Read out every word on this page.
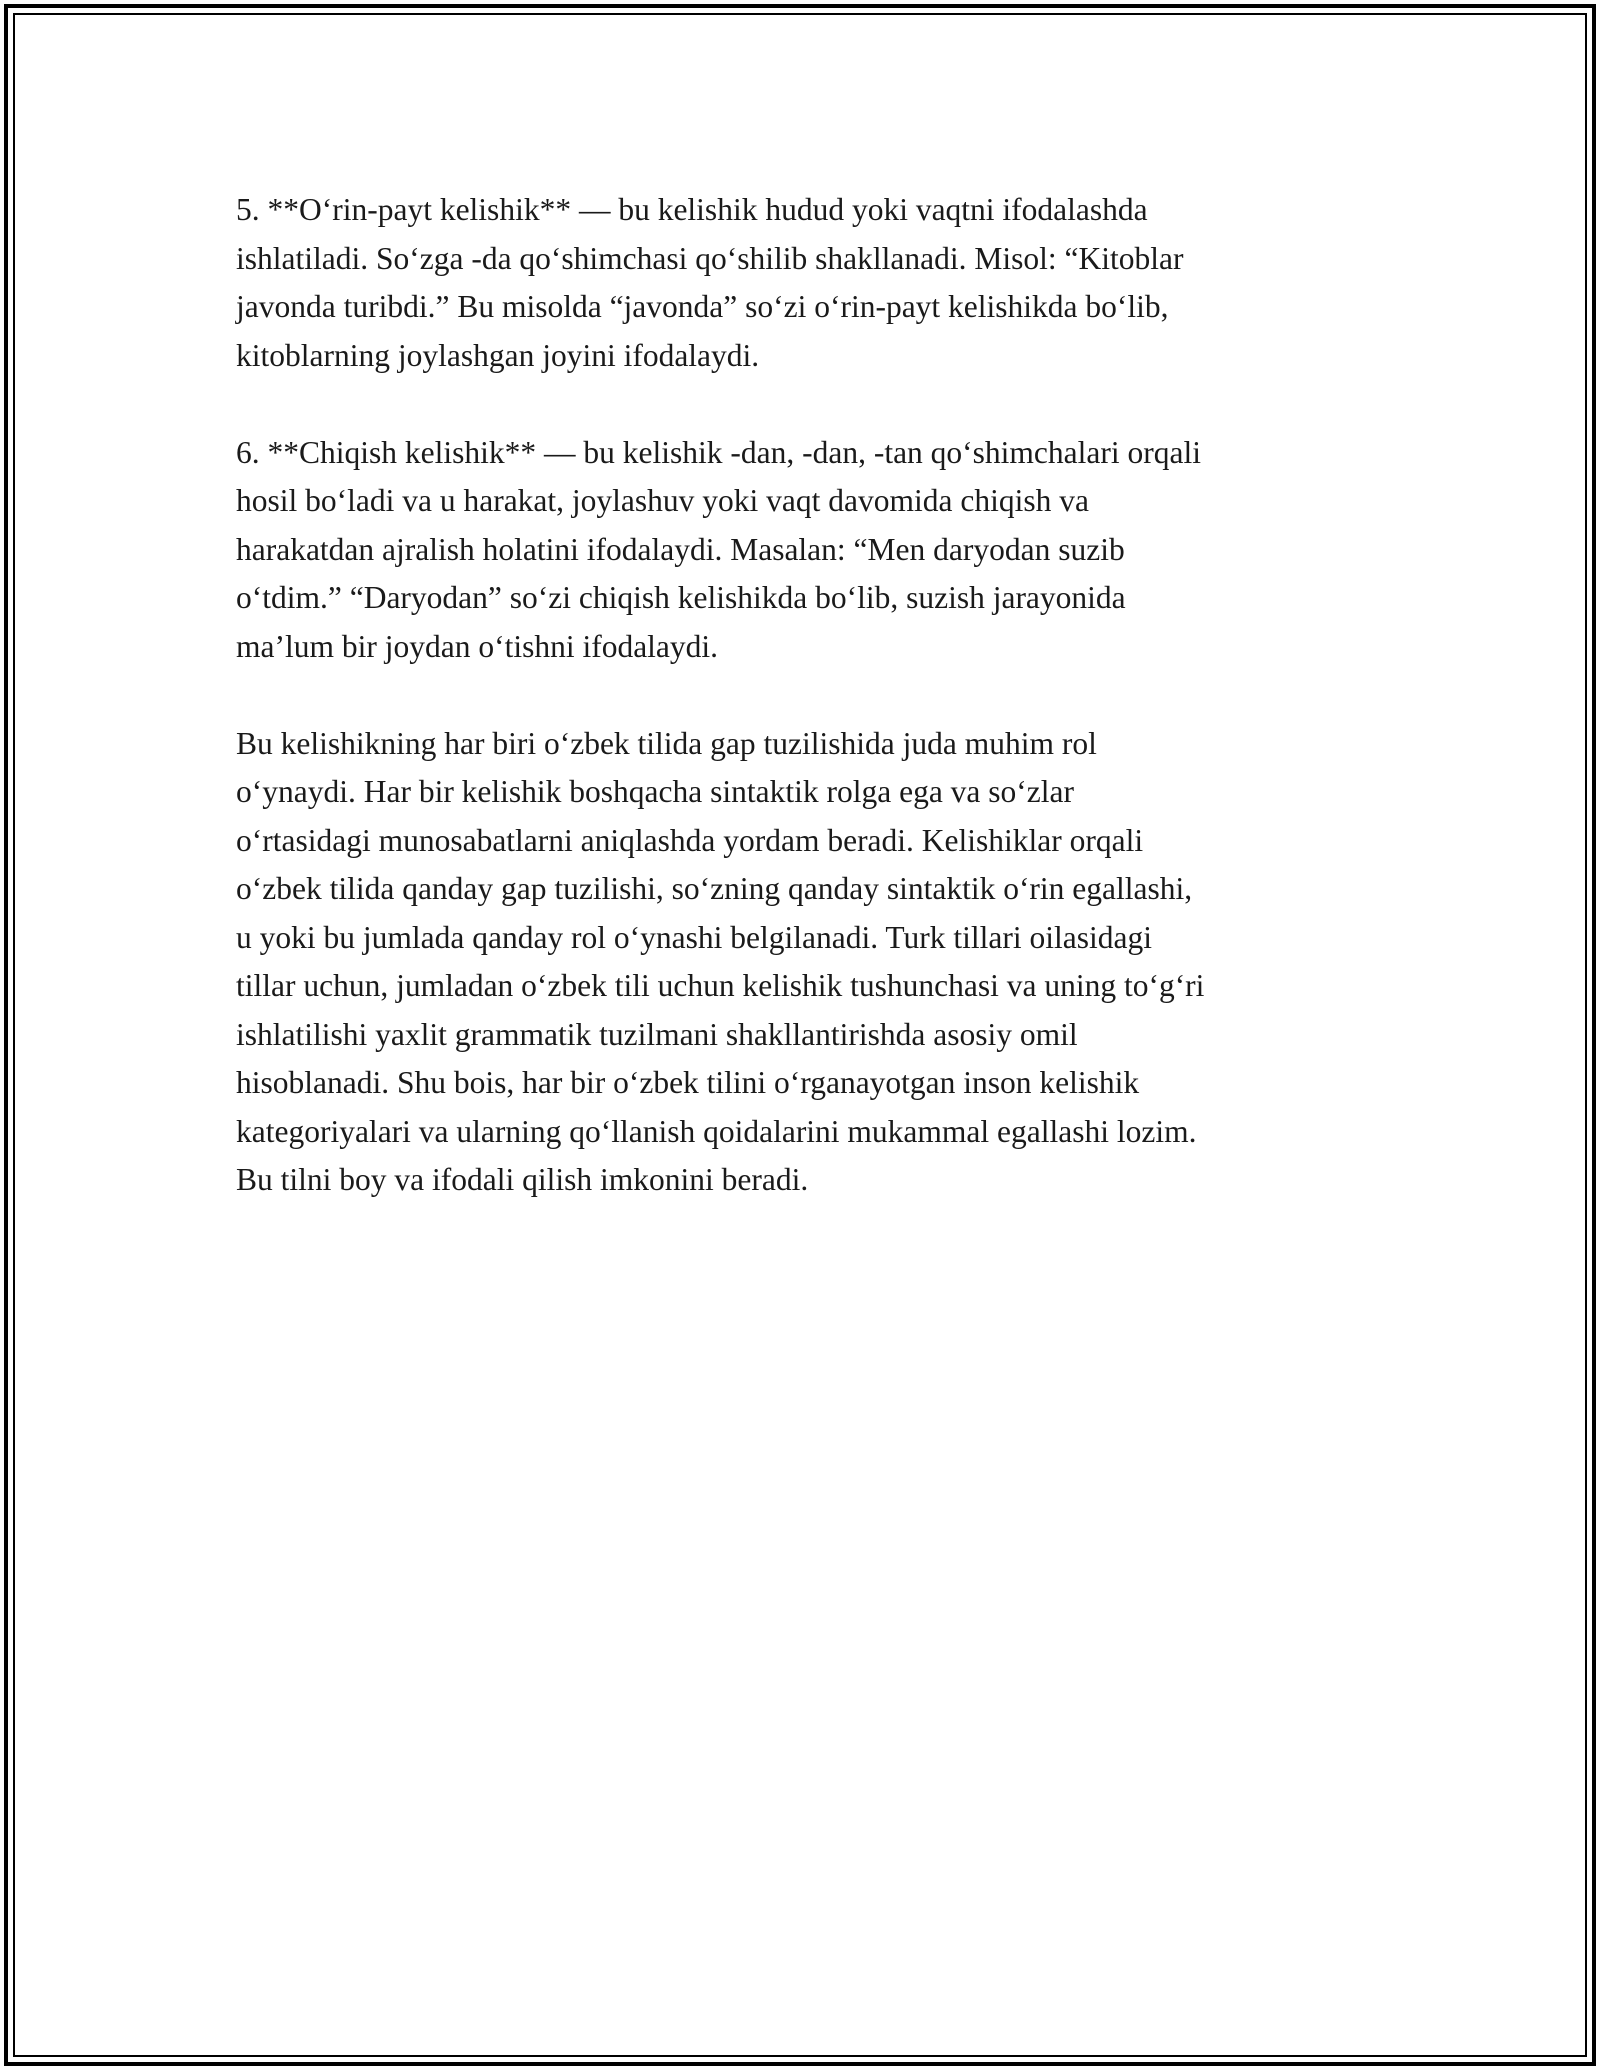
5. **O‘rin-payt kelishik** — bu kelishik hudud yoki vaqtni ifodalashda
ishlatiladi. So‘zga -da qo‘shimchasi qo‘shilib shakllanadi. Misol: “Kitoblar
javonda turibdi.” Bu misolda “javonda” so‘zi o‘rin-payt kelishikda bo‘lib,
kitoblarning joylashgan joyini ifodalaydi.

6. **Chiqish kelishik** — bu kelishik -dan, -dan, -tan qo‘shimchalari orqali
hosil bo‘ladi va u harakat, joylashuv yoki vaqt davomida chiqish va
harakatdan ajralish holatini ifodalaydi. Masalan: “Men daryodan suzib
o‘tdim.” “Daryodan” so‘zi chiqish kelishikda bo‘lib, suzish jarayonida
ma’lum bir joydan o‘tishni ifodalaydi.

Bu kelishikning har biri o‘zbek tilida gap tuzilishida juda muhim rol
o‘ynaydi. Har bir kelishik boshqacha sintaktik rolga ega va so‘zlar
o‘rtasidagi munosabatlarni aniqlashda yordam beradi. Kelishiklar orqali
o‘zbek tilida qanday gap tuzilishi, so‘zning qanday sintaktik o‘rin egallashi,
u yoki bu jumlada qanday rol o‘ynashi belgilanadi. Turk tillari oilasidagi
tillar uchun, jumladan o‘zbek tili uchun kelishik tushunchasi va uning to‘g‘ri
ishlatilishi yaxlit grammatik tuzilmani shakllantirishda asosiy omil
hisoblanadi. Shu bois, har bir o‘zbek tilini o‘rganayotgan inson kelishik
kategoriyalari va ularning qo‘llanish qoidalarini mukammal egallashi lozim.
Bu tilni boy va ifodali qilish imkonini beradi.
